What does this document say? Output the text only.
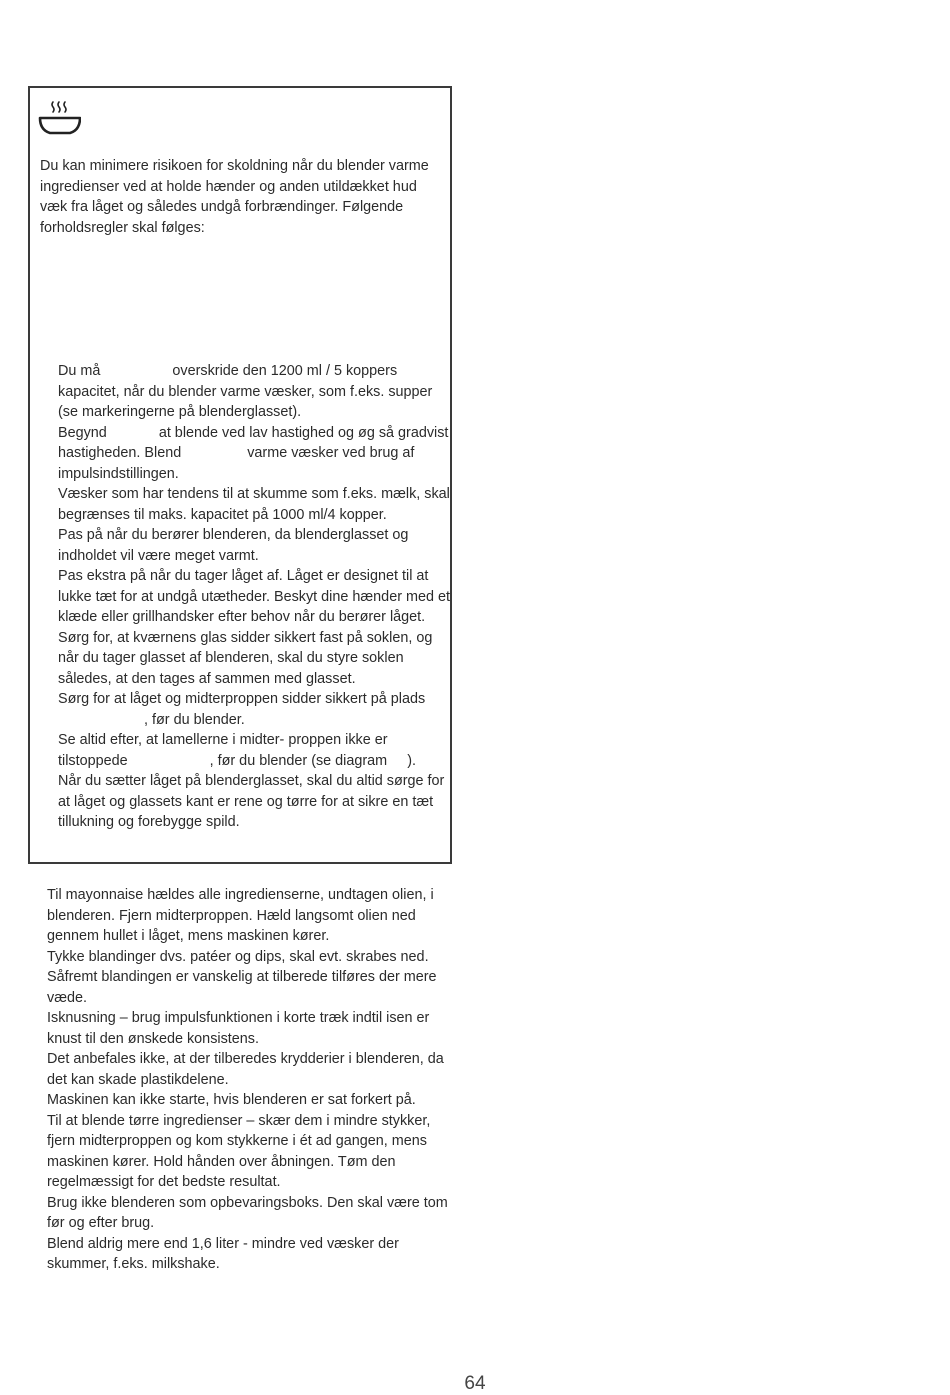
Du kan minimere risikoen for skoldning når du blender varme ingredienser ved at holde hænder og anden utildækket hud væk fra låget og således undgå forbrændinger. Følgende forholdsregler skal følges:

Du må	overskride den 1200 ml / 5 koppers kapacitet, når du blender varme væsker, som f.eks. supper (se markeringerne på blenderglasset).

Begynd	at blende ved lav hastighed og øg så gradvist hastigheden. Blend	varme væsker ved brug af impulsindstillingen.

Væsker som har tendens til at skumme som f.eks. mælk, skal begrænses til maks. kapacitet på 1000 ml/4 kopper.

Pas på når du berører blenderen, da blenderglasset og indholdet vil være meget varmt.

Pas ekstra på når du tager låget af. Låget er designet til at lukke tæt for at undgå utætheder. Beskyt dine hænder med et klæde eller grillhandsker efter behov når du berører låget.

Sørg for, at kværnens glas sidder sikkert fast på soklen, og når du tager glasset af blenderen, skal du styre soklen således, at den tages af sammen med glasset.

Sørg for at låget og midterproppen sidder sikkert på plads, før du blender.

Se altid efter, at lamellerne i midter- proppen ikke er tilstoppede	, før du blender (se diagram ).

Når du sætter låget på blenderglasset, skal du altid sørge for at låget og glassets kant er rene og tørre for at sikre en tæt tillukning og forebygge spild.

Til mayonnaise hældes alle ingredienserne, undtagen olien, i blenderen. Fjern midterproppen. Hæld langsomt olien ned gennem hullet i låget, mens maskinen kører.

Tykke blandinger dvs. patéer og dips, skal evt. skrabes ned. Såfremt blandingen er vanskelig at tilberede tilføres der mere væde.

Isknusning – brug impulsfunktionen i korte træk indtil isen er knust til den ønskede konsistens.

Det anbefales ikke, at der tilberedes krydderier i blenderen, da det kan skade plastikdelene.

Maskinen kan ikke starte, hvis blenderen er sat forkert på.

Til at blende tørre ingredienser – skær dem i mindre stykker, fjern midterproppen og kom stykkerne i ét ad gangen, mens maskinen kører. Hold hånden over åbningen. Tøm den regelmæssigt for det bedste resultat.

Brug ikke blenderen som opbevaringsboks. Den skal være tom før og efter brug.

Blend aldrig mere end 1,6 liter - mindre ved væsker der skummer, f.eks. milkshake.

64
